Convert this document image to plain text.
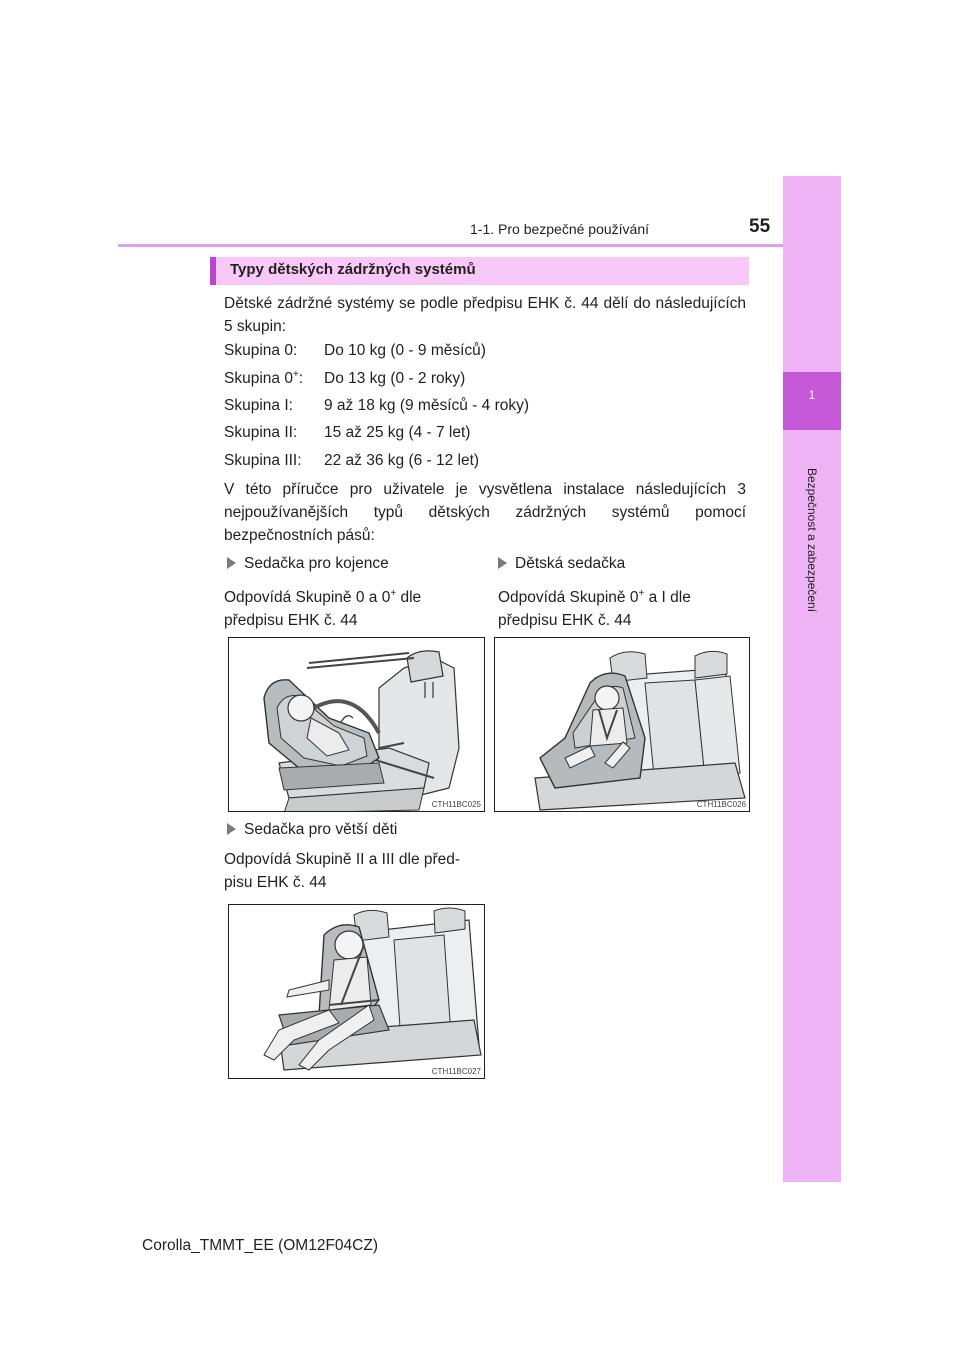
1-1. Pro bezpečné používání	55
1
Bezpečnost a zabezpečení
Typy dětských zádržných systémů
Dětské zádržné systémy se podle předpisu EHK č. 44 dělí do následujících 5 skupin:
Skupina 0: Do 10 kg (0 - 9 měsíců)
Skupina 0+: Do 13 kg (0 - 2 roky)
Skupina I: 9 až 18 kg (9 měsíců - 4 roky)
Skupina II: 15 až 25 kg (4 - 7 let)
Skupina III: 22 až 36 kg (6 - 12 let)
V této příručce pro uživatele je vysvětlena instalace následujících 3 nejpoužívanějších typů dětských zádržných systémů pomocí bezpečnostních pásů:
Sedačka pro kojence
Odpovídá Skupině 0 a 0+ dle
předpisu EHK č. 44
Dětská sedačka
Odpovídá Skupině 0+ a I dle
předpisu EHK č. 44
CTH11BC025	CTH11BC026
Sedačka pro větší děti
Odpovídá Skupině II a III dle před-
pisu EHK č. 44
CTH11BC027
Corolla_TMMT_EE (OM12F04CZ)
